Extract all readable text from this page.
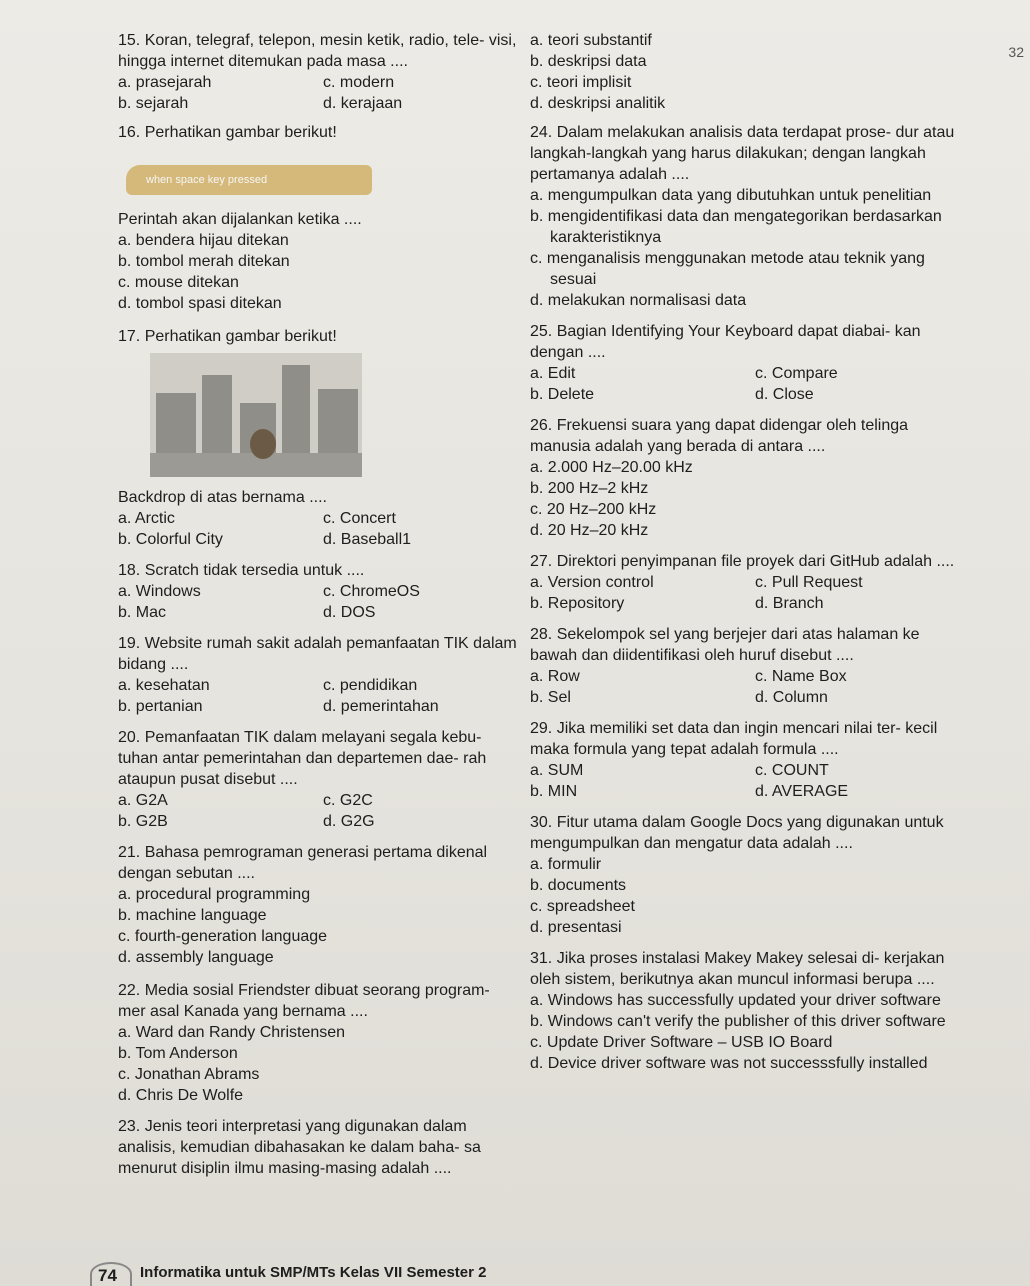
32
15. Koran, telegraf, telepon, mesin ketik, radio, tele- visi, hingga internet ditemukan pada masa ....
a. prasejarah	c. modern
b. sejarah	d. kerajaan
16. Perhatikan gambar berikut!
when space key pressed
Perintah akan dijalankan ketika ....
a. bendera hijau ditekan
b. tombol merah ditekan
c. mouse ditekan
d. tombol spasi ditekan
17. Perhatikan gambar berikut!
Backdrop di atas bernama ....
a. Arctic	c. Concert
b. Colorful City	d. Baseball1
18. Scratch tidak tersedia untuk ....
a. Windows	c. ChromeOS
b. Mac	d. DOS
19. Website rumah sakit adalah pemanfaatan TIK dalam bidang ....
a. kesehatan	c. pendidikan
b. pertanian	d. pemerintahan
20. Pemanfaatan TIK dalam melayani segala kebu- tuhan antar pemerintahan dan departemen dae- rah ataupun pusat disebut ....
a. G2A	c. G2C
b. G2B	d. G2G
21. Bahasa pemrograman generasi pertama dikenal dengan sebutan ....
a. procedural programming
b. machine language
c. fourth-generation language
d. assembly language
22. Media sosial Friendster dibuat seorang program- mer asal Kanada yang bernama ....
a. Ward dan Randy Christensen
b. Tom Anderson
c. Jonathan Abrams
d. Chris De Wolfe
23. Jenis teori interpretasi yang digunakan dalam analisis, kemudian dibahasakan ke dalam baha- sa menurut disiplin ilmu masing-masing adalah ....
a. teori substantif
b. deskripsi data
c. teori implisit
d. deskripsi analitik
24. Dalam melakukan analisis data terdapat prose- dur atau langkah-langkah yang harus dilakukan; dengan langkah pertamanya adalah ....
a. mengumpulkan data yang dibutuhkan untuk penelitian
b. mengidentifikasi data dan mengategorikan berdasarkan karakteristiknya
c. menganalisis menggunakan metode atau teknik yang sesuai
d. melakukan normalisasi data
25. Bagian Identifying Your Keyboard dapat diabai- kan dengan ....
a. Edit	c. Compare
b. Delete	d. Close
26. Frekuensi suara yang dapat didengar oleh telinga manusia adalah yang berada di antara ....
a. 2.000 Hz–20.00 kHz
b. 200 Hz–2 kHz
c. 20 Hz–200 kHz
d. 20 Hz–20 kHz
27. Direktori penyimpanan file proyek dari GitHub adalah ....
a. Version control	c. Pull Request
b. Repository	d. Branch
28. Sekelompok sel yang berjejer dari atas halaman ke bawah dan diidentifikasi oleh huruf disebut ....
a. Row	c. Name Box
b. Sel	d. Column
29. Jika memiliki set data dan ingin mencari nilai ter- kecil maka formula yang tepat adalah formula ....
a. SUM	c. COUNT
b. MIN	d. AVERAGE
30. Fitur utama dalam Google Docs yang digunakan untuk mengumpulkan dan mengatur data adalah ....
a. formulir
b. documents
c. spreadsheet
d. presentasi
31. Jika proses instalasi Makey Makey selesai di- kerjakan oleh sistem, berikutnya akan muncul informasi berupa ....
a. Windows has successfully updated your driver software
b. Windows can't verify the publisher of this driver software
c. Update Driver Software – USB IO Board
d. Device driver software was not successsfully installed
74 Informatika untuk SMP/MTs Kelas VII Semester 2
